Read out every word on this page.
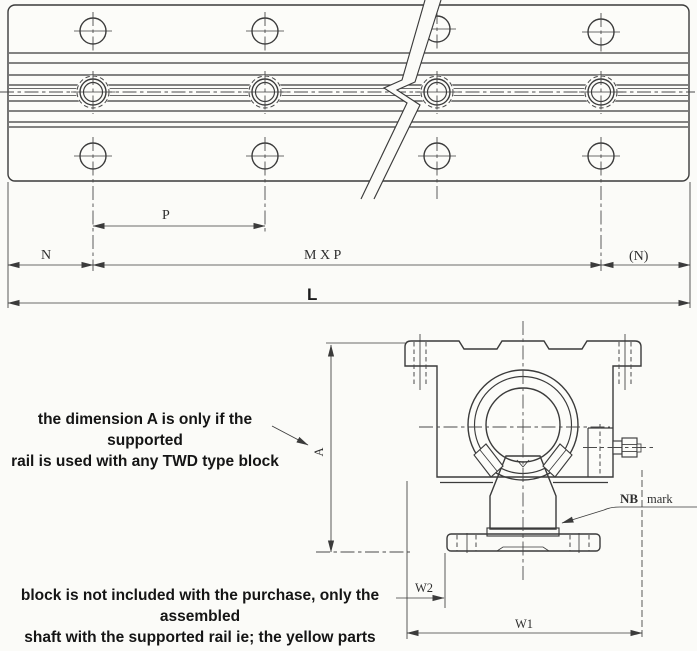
P
N	M X P	(N)
L
A
W2
W1
NB mark
the dimension A is only if the supported
rail is used with any TWD type block
block is not included with the purchase, only the assembled
shaft with the supported rail ie; the yellow parts
